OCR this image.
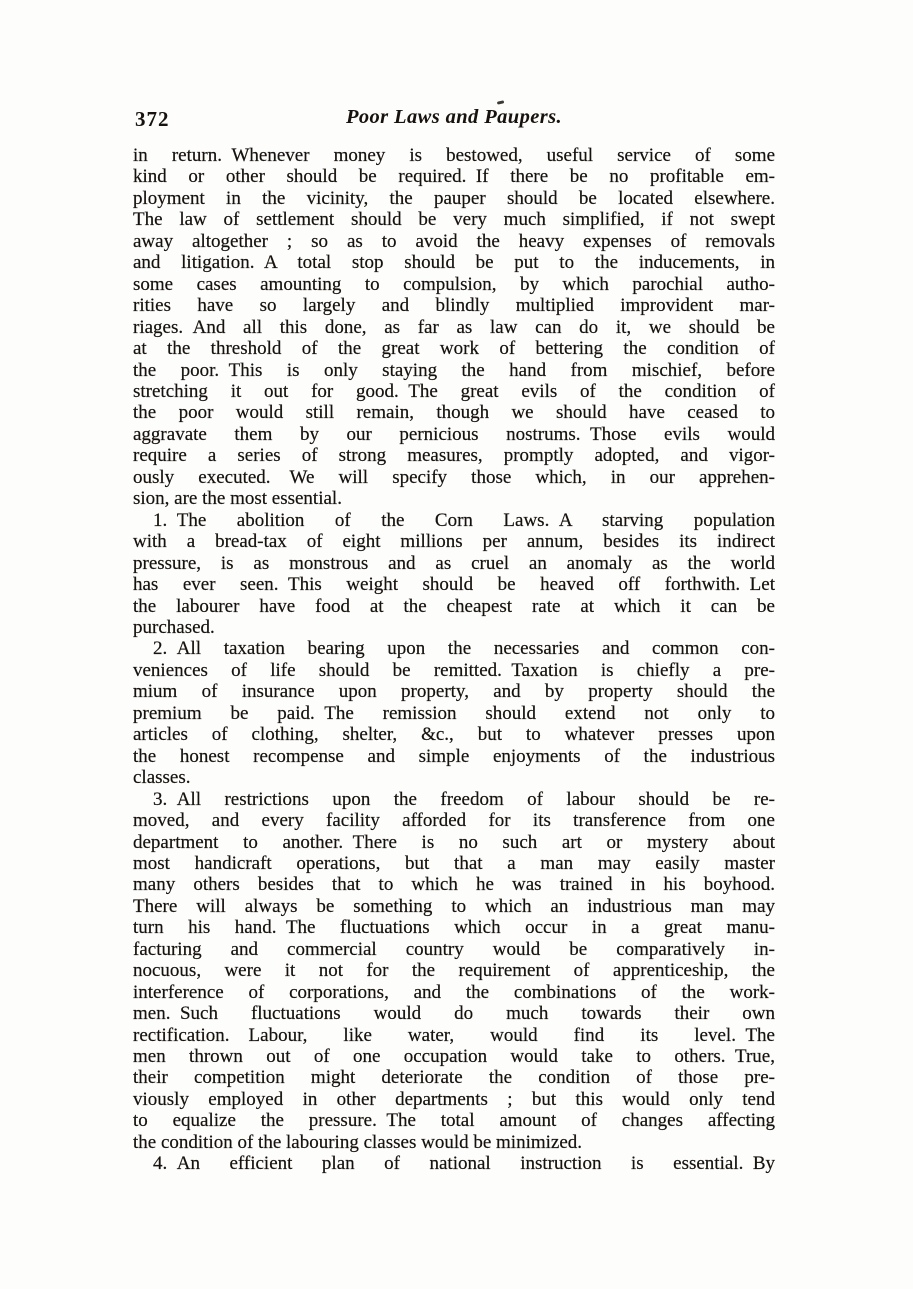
Poor Laws and Paupers.
372
in return. Whenever money is bestowed, useful service of some
kind or other should be required. If there be no profitable em-
ployment in the vicinity, the pauper should be located elsewhere.
The law of settlement should be very much simplified, if not swept
away altogether ; so as to avoid the heavy expenses of removals
and litigation. A total stop should be put to the inducements, in
some cases amounting to compulsion, by which parochial autho-
rities have so largely and blindly multiplied improvident mar-
riages. And all this done, as far as law can do it, we should be
at the threshold of the great work of bettering the condition of
the poor. This is only staying the hand from mischief, before
stretching it out for good. The great evils of the condition of
the poor would still remain, though we should have ceased to
aggravate them by our pernicious nostrums. Those evils would
require a series of strong measures, promptly adopted, and vigor-
ously executed. We will specify those which, in our apprehen-
sion, are the most essential.
1. The abolition of the Corn Laws. A starving population
with a bread-tax of eight millions per annum, besides its indirect
pressure, is as monstrous and as cruel an anomaly as the world
has ever seen. This weight should be heaved off forthwith. Let
the labourer have food at the cheapest rate at which it can be
purchased.
2. All taxation bearing upon the necessaries and common con-
veniences of life should be remitted. Taxation is chiefly a pre-
mium of insurance upon property, and by property should the
premium be paid. The remission should extend not only to
articles of clothing, shelter, &c., but to whatever presses upon
the honest recompense and simple enjoyments of the industrious
classes.
3. All restrictions upon the freedom of labour should be re-
moved, and every facility afforded for its transference from one
department to another. There is no such art or mystery about
most handicraft operations, but that a man may easily master
many others besides that to which he was trained in his boyhood.
There will always be something to which an industrious man may
turn his hand. The fluctuations which occur in a great manu-
facturing and commercial country would be comparatively in-
nocuous, were it not for the requirement of apprenticeship, the
interference of corporations, and the combinations of the work-
men. Such fluctuations would do much towards their own
rectification. Labour, like water, would find its level. The
men thrown out of one occupation would take to others. True,
their competition might deteriorate the condition of those pre-
viously employed in other departments ; but this would only tend
to equalize the pressure. The total amount of changes affecting
the condition of the labouring classes would be minimized.
4. An efficient plan of national instruction is essential. By
